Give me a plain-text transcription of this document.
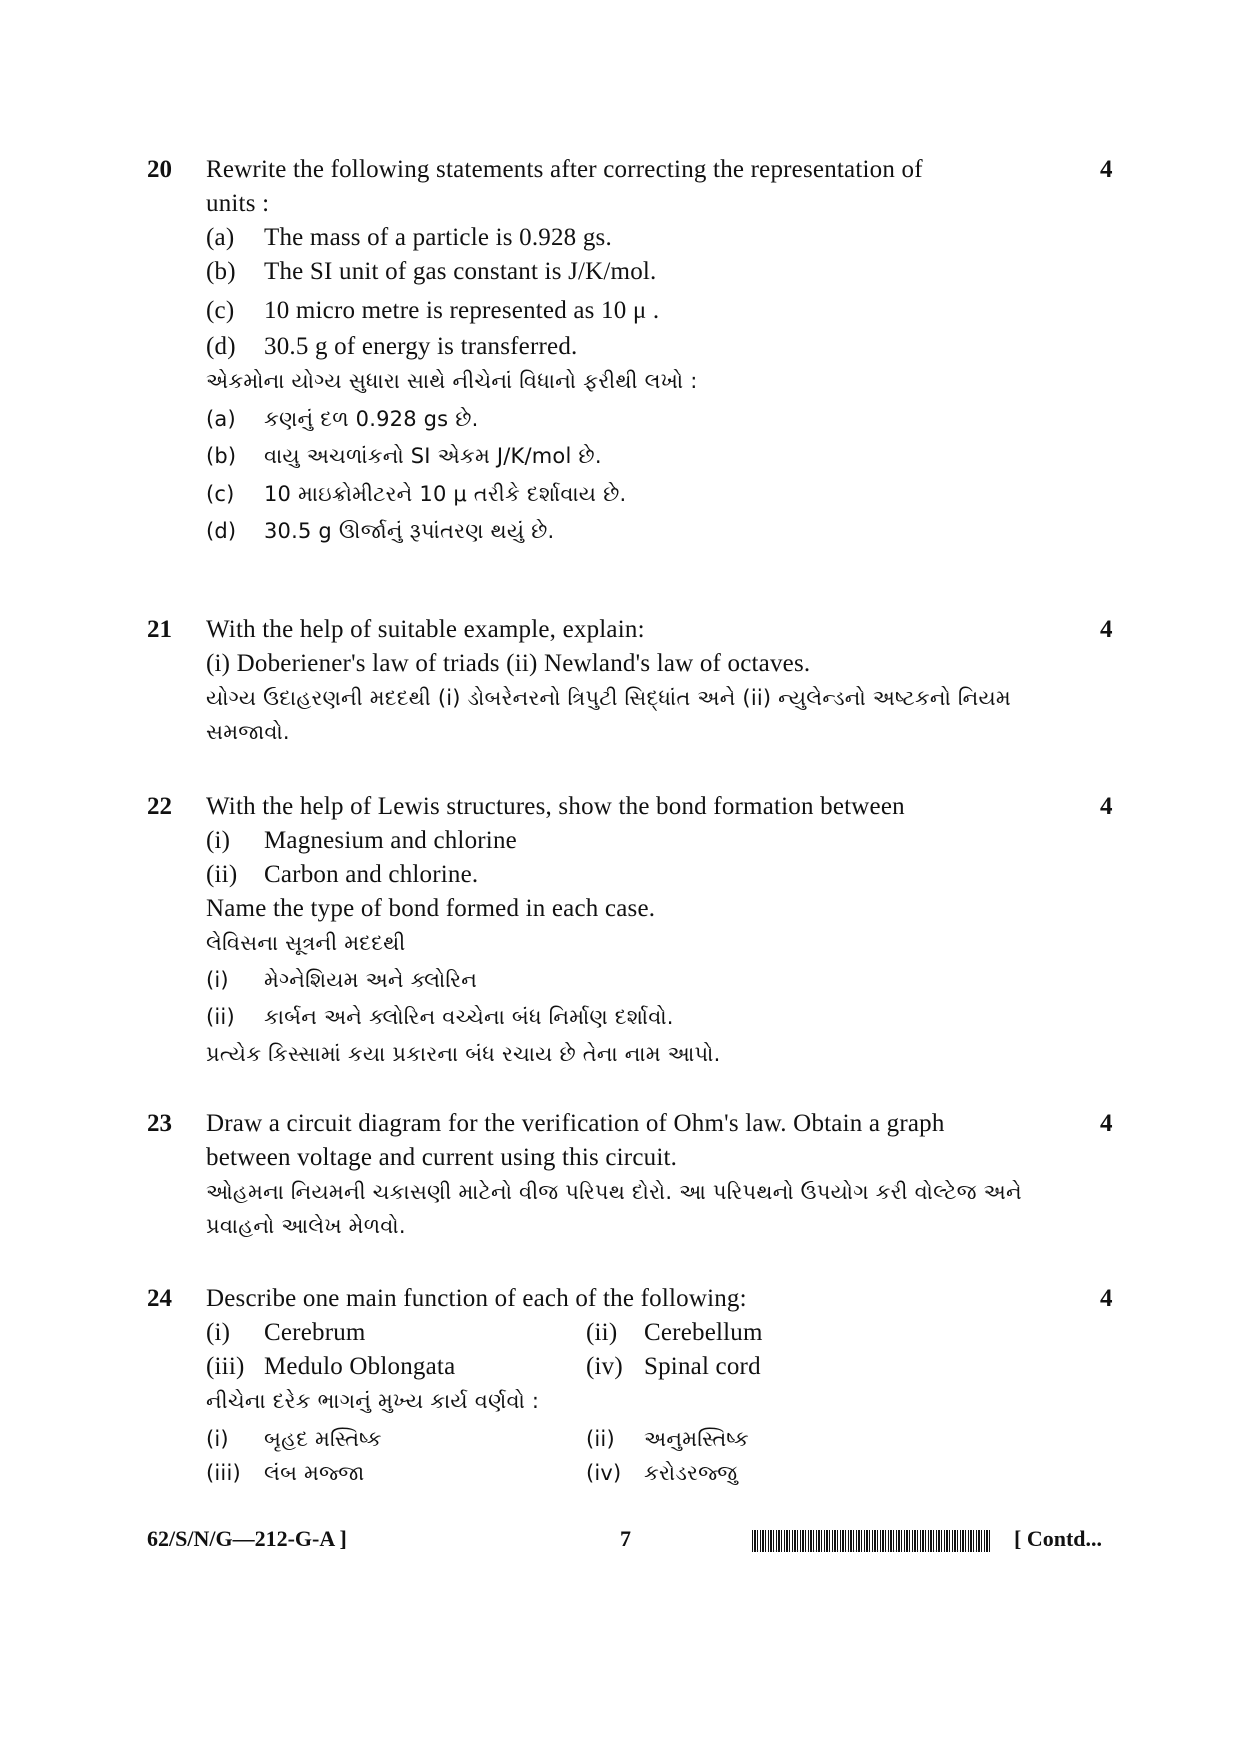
20	4
Rewrite the following statements after correcting the representation of
units :
(a) The mass of a particle is 0.928 gs.
(b) The SI unit of gas constant is J/K/mol.
(c) 10 micro metre is represented as 10 μ .
(d) 30.5 g of energy is transferred.
એકમોના યોગ્ય સુધારા સાથે નીચેનાં વિધાનો ફરીથી લખો :
(a) કણનું દળ 0.928 gs છે.
(b) વાયુ અચળાંકનો SI એકમ J/K/mol છે.
(c) 10 માઇક્રોમીટરને 10 μ તરીકે દર્શાવાય છે.
(d) 30.5 g ઊર્જાનું રૂપાંતરણ થયું છે.
21	4
With the help of suitable example, explain:
(i) Doberiener's law of triads (ii) Newland's law of octaves.
યોગ્ય ઉદાહરણની મદદથી (i) ડોબરેનરનો ત્રિપુટી સિદ્ધાંત અને (ii) ન્યુલેન્ડનો અષ્ટકનો નિયમ
સમજાવો.
22	4
With the help of Lewis structures, show the bond formation between
(i) Magnesium and chlorine
(ii) Carbon and chlorine.
Name the type of bond formed in each case.
લેવિસના સૂત્રની મદદથી
(i) મેગ્નેશિયમ અને ક્લોરિન
(ii) કાર્બન અને ક્લોરિન વચ્ચેના બંધ નિર્માણ દર્શાવો.
પ્રત્યેક કિસ્સામાં કયા પ્રકારના બંધ રચાય છે તેના નામ આપો.
23	4
Draw a circuit diagram for the verification of Ohm's law. Obtain a graph
between voltage and current using this circuit.
ઓહમના નિયમની ચકાસણી માટેનો વીજ પરિપથ દોરો. આ પરિપથનો ઉપયોગ કરી વોલ્ટેજ અને
પ્રવાહનો આલેખ મેળવો.
24	4
Describe one main function of each of the following:
(i) Cerebrum	(ii) Cerebellum
(iii) Medulo Oblongata	(iv) Spinal cord
નીચેના દરેક ભાગનું મુખ્ય કાર્ય વર્ણવો :
(i) બૃહદ મસ્તિષ્ક	(ii) અનુમસ્તિષ્ક
(iii) લંબ મજ્જા	(iv) કરોડરજ્જુ
62/S/N/G—212-G-A ]	7	[ Contd...
